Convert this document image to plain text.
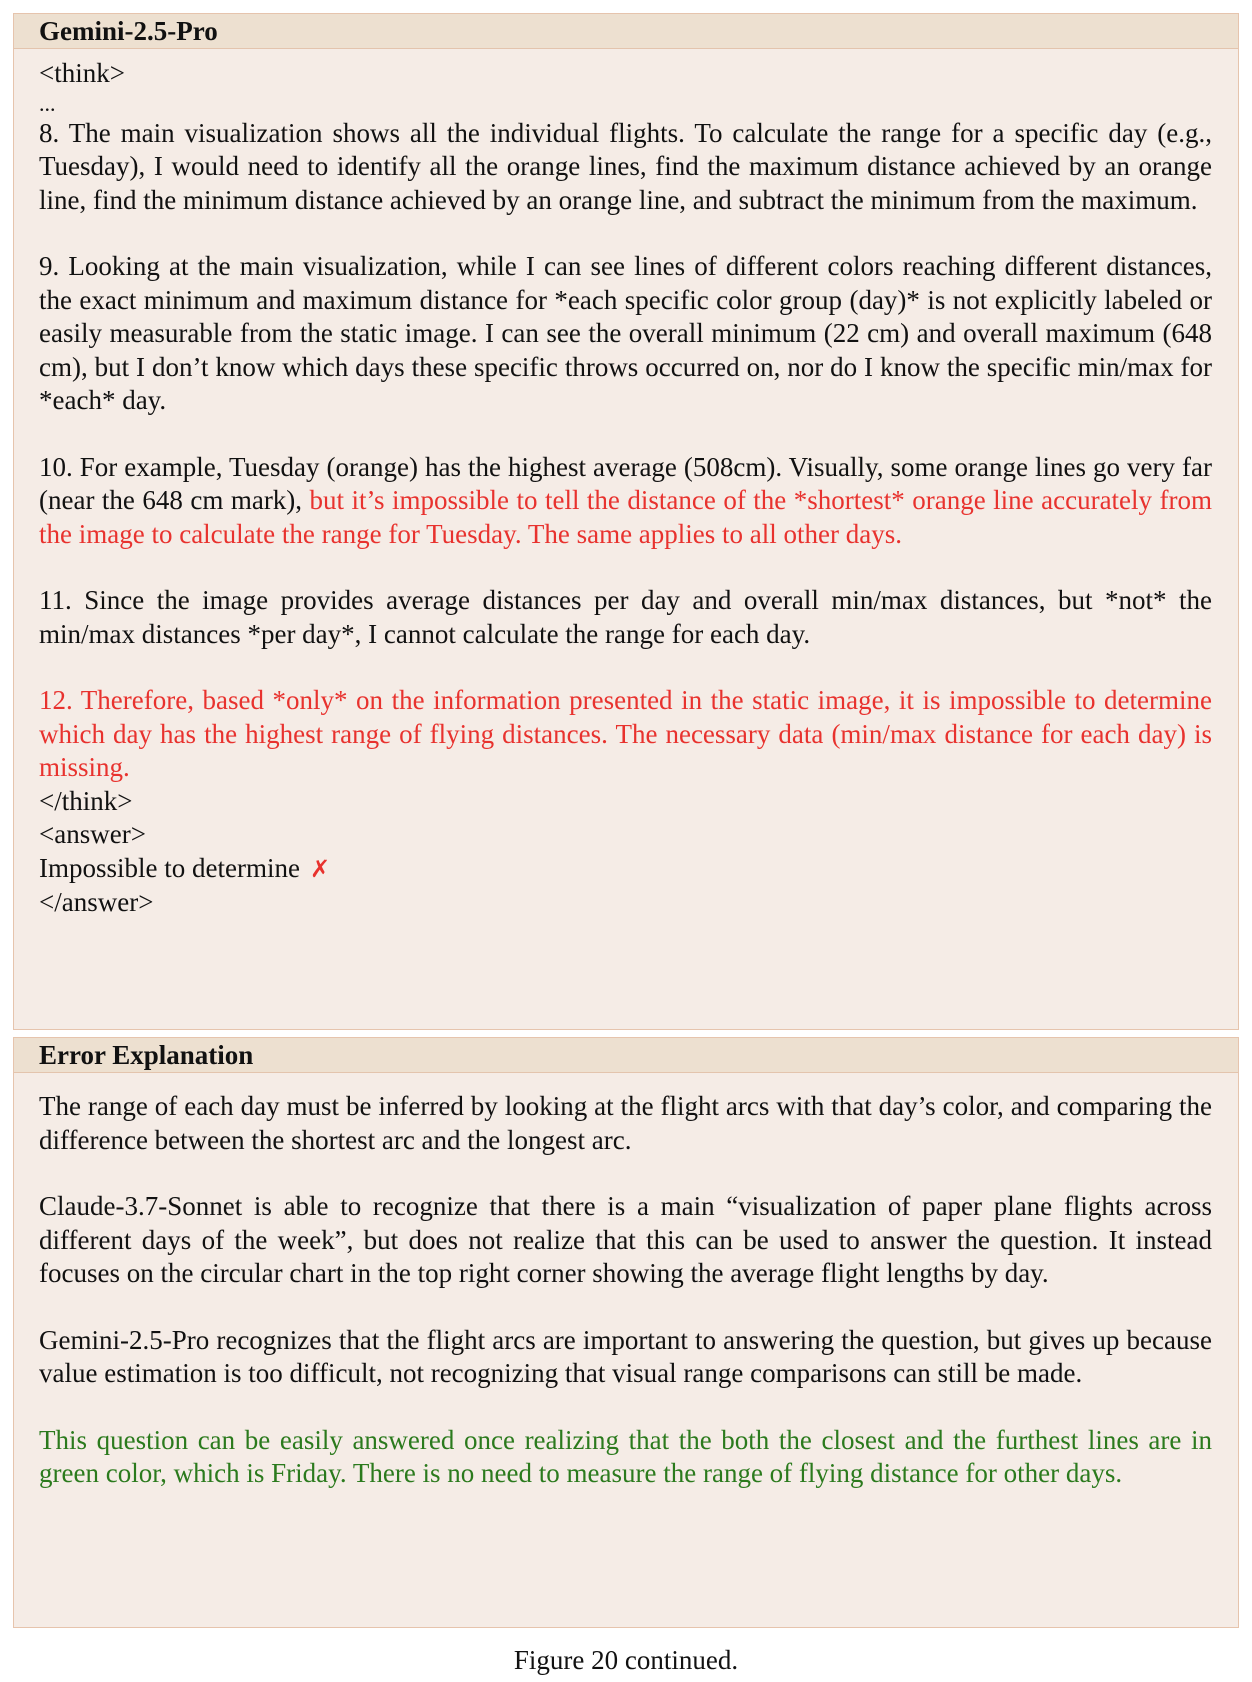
Gemini-2.5-Pro

<think>

...

8. The main visualization shows all the individual flights. To calculate the range for a specific day (e.g., Tuesday), I would need to identify all the orange lines, find the maximum distance achieved by an orange line, find the minimum distance achieved by an orange line, and subtract the minimum from the maximum.

9. Looking at the main visualization, while I can see lines of different colors reaching different distances, the exact minimum and maximum distance for *each specific color group (day)* is not explicitly labeled or easily measurable from the static image. I can see the overall minimum (22 cm) and overall maximum (648 cm), but I don’t know which days these specific throws occurred on, nor do I know the specific min/max for *each* day.

10. For example, Tuesday (orange) has the highest average (508cm). Visually, some orange lines go very far (near the 648 cm mark), but it’s impossible to tell the distance of the *shortest* orange line accurately from the image to calculate the range for Tuesday. The same applies to all other days.

11. Since the image provides average distances per day and overall min/max distances, but *not* the min/max distances *per day*, I cannot calculate the range for each day.

12. Therefore, based *only* on the information presented in the static image, it is impossible to determine which day has the highest range of flying distances. The necessary data (min/max distance for each day) is missing.

</think>

<answer>

Impossible to determine ✗

</answer>

Error Explanation

The range of each day must be inferred by looking at the flight arcs with that day’s color, and comparing the difference between the shortest arc and the longest arc.

Claude-3.7-Sonnet is able to recognize that there is a main “visualization of paper plane flights across different days of the week”, but does not realize that this can be used to answer the question. It instead focuses on the circular chart in the top right corner showing the average flight lengths by day.

Gemini-2.5-Pro recognizes that the flight arcs are important to answering the question, but gives up because value estimation is too difficult, not recognizing that visual range comparisons can still be made.

This question can be easily answered once realizing that the both the closest and the furthest lines are in green color, which is Friday. There is no need to measure the range of flying distance for other days.

Figure 20 continued.
